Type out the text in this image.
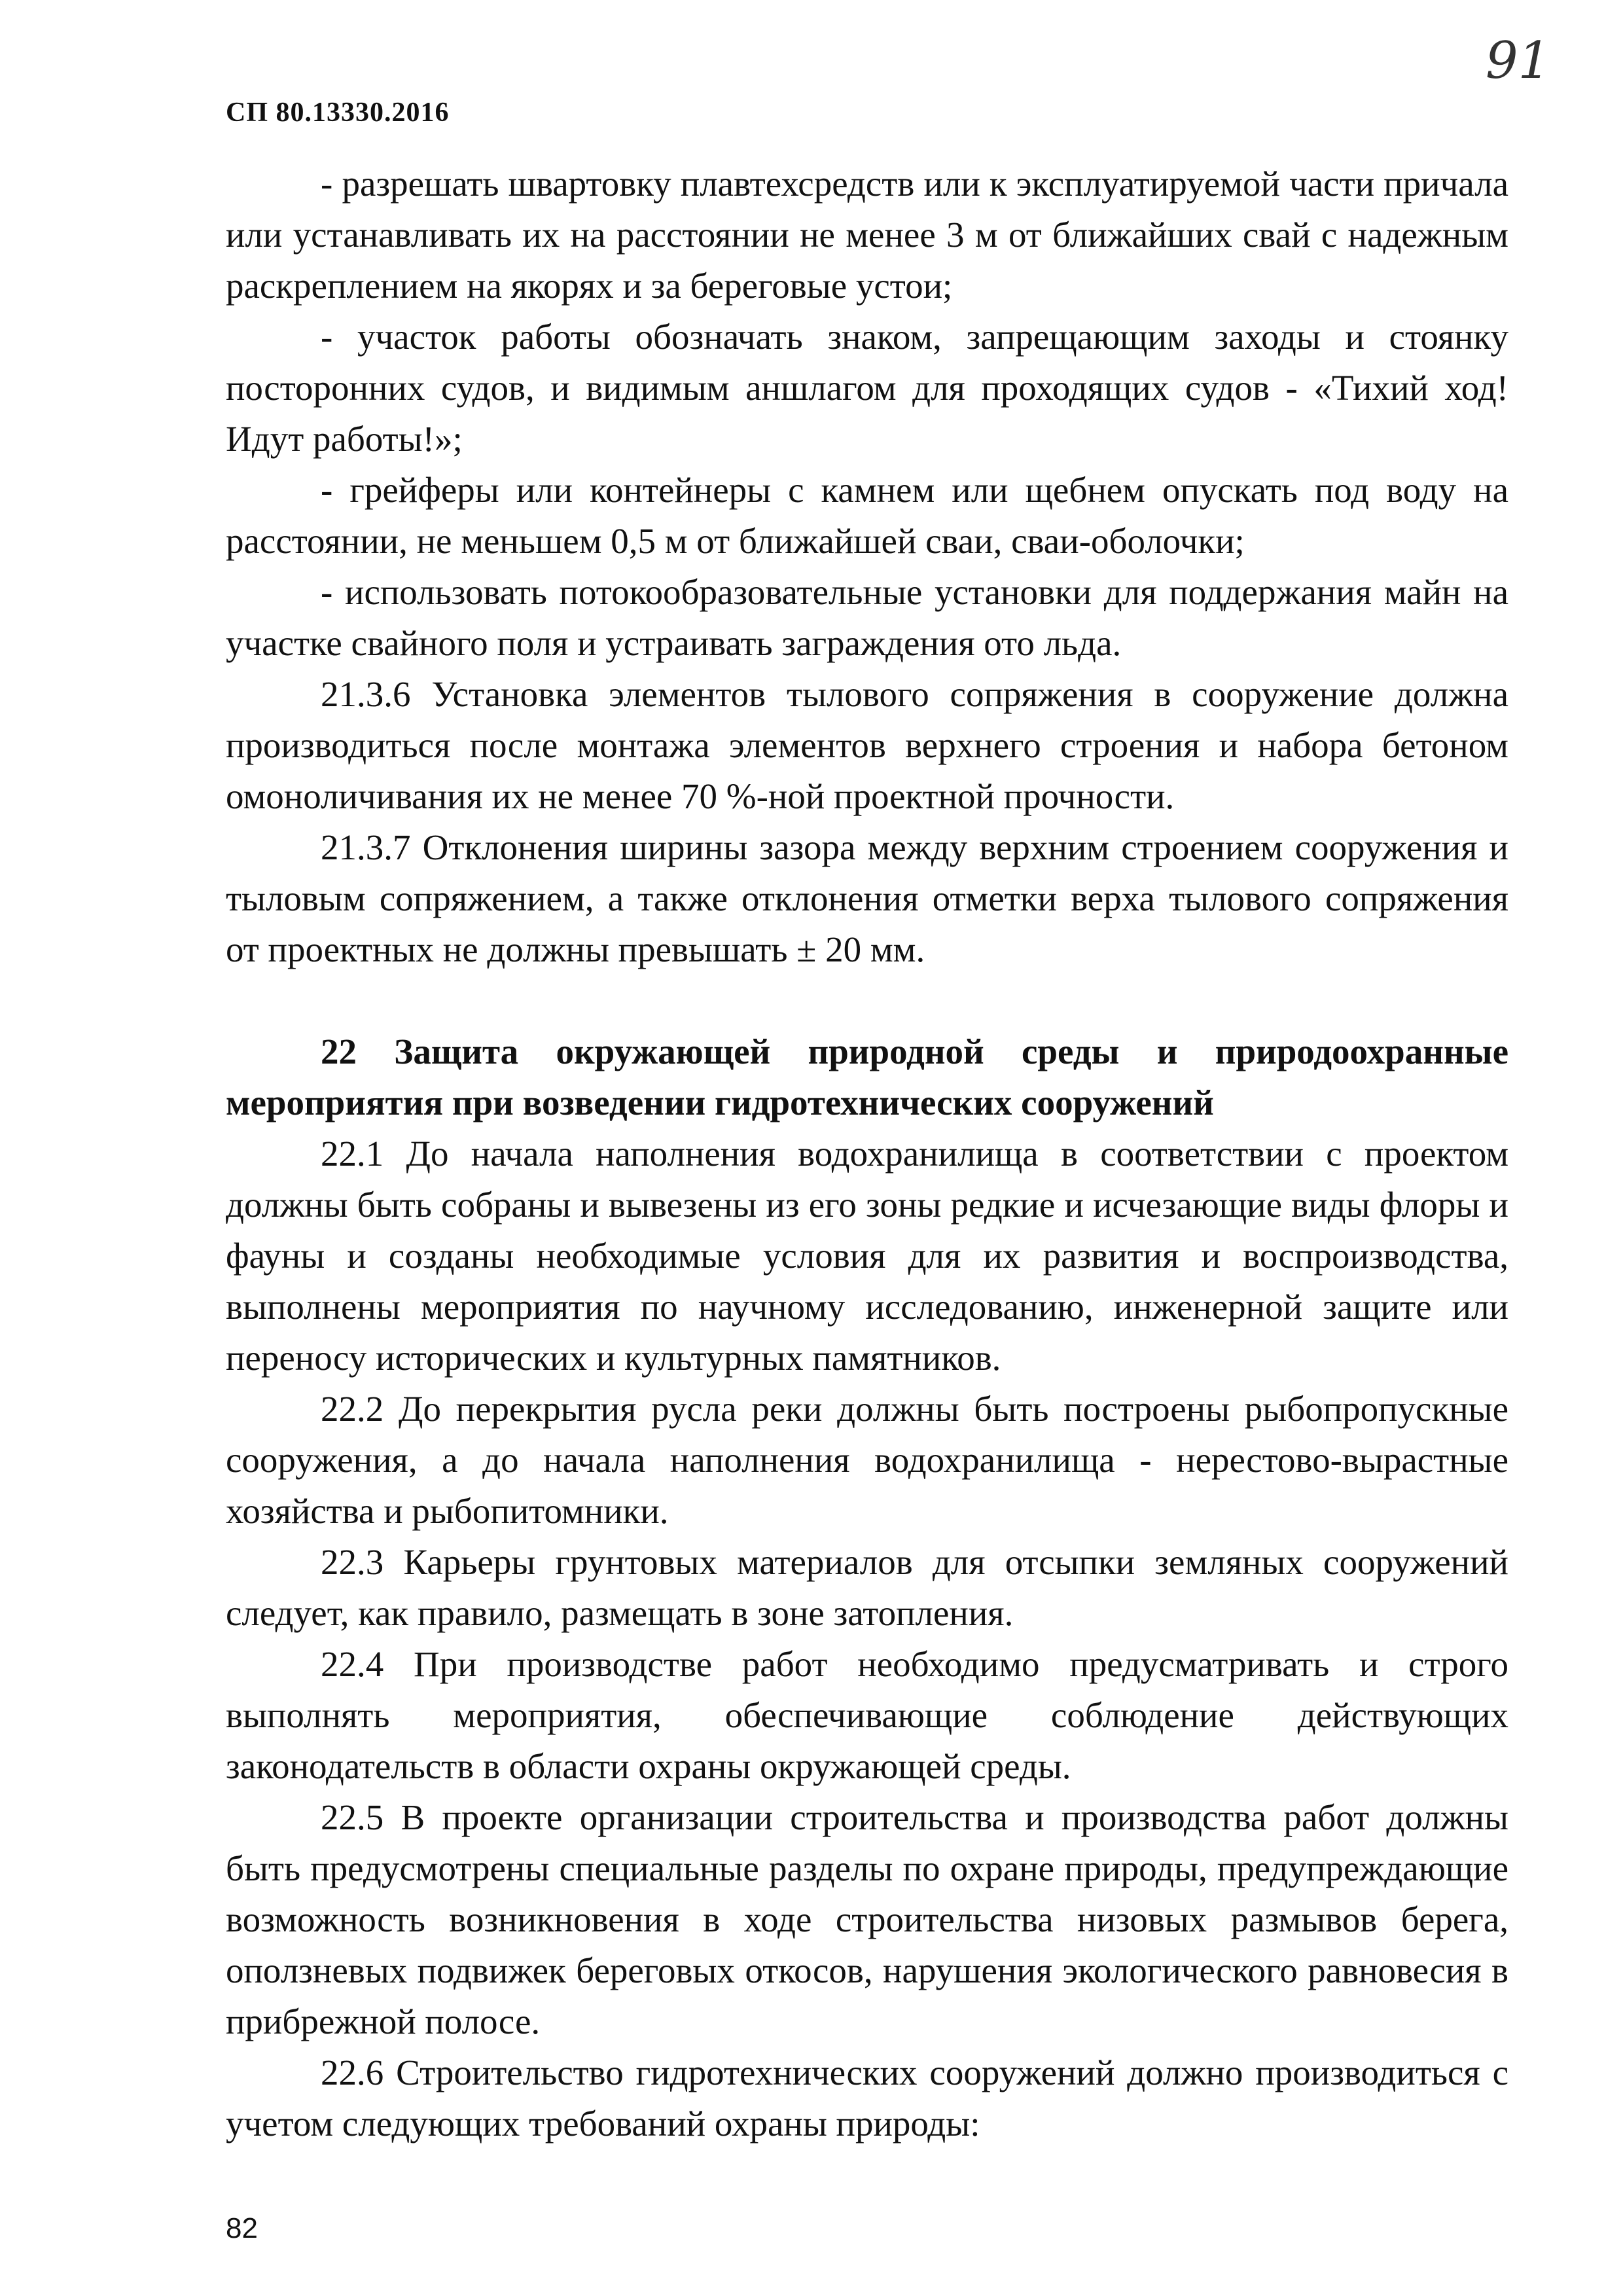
СП 80.13330.2016
91

- разрешать швартовку плавтехсредств или к эксплуатируемой части причала или устанавливать их на расстоянии не менее 3 м от ближайших свай с надежным раскреплением на якорях и за береговые устои;

- участок работы обозначать знаком, запрещающим заходы и стоянку посторонних судов, и видимым аншлагом для проходящих судов - «Тихий ход! Идут работы!»;

- грейферы или контейнеры с камнем или щебнем опускать под воду на расстоянии, не меньшем 0,5 м от ближайшей сваи, сваи-оболочки;

- использовать потокообразовательные установки для поддержания майн на участке свайного поля и устраивать заграждения ото льда.

21.3.6 Установка элементов тылового сопряжения в сооружение должна производиться после монтажа элементов верхнего строения и набора бетоном омоноличивания их не менее 70 %-ной проектной прочности.

21.3.7 Отклонения ширины зазора между верхним строением сооружения и тыловым сопряжением, а также отклонения отметки верха тылового сопряжения от проектных не должны превышать ± 20 мм.

22 Защита окружающей природной среды и природоохранные мероприятия при возведении гидротехнических сооружений

22.1 До начала наполнения водохранилища в соответствии с проектом должны быть собраны и вывезены из его зоны редкие и исчезающие виды флоры и фауны и созданы необходимые условия для их развития и воспроизводства, выполнены мероприятия по научному исследованию, инженерной защите или переносу исторических и культурных памятников.

22.2 До перекрытия русла реки должны быть построены рыбопропускные сооружения, а до начала наполнения водохранилища - нерестово-вырастные хозяйства и рыбопитомники.

22.3 Карьеры грунтовых материалов для отсыпки земляных сооружений следует, как правило, размещать в зоне затопления.

22.4 При производстве работ необходимо предусматривать и строго выполнять мероприятия, обеспечивающие соблюдение действующих законодательств в области охраны окружающей среды.

22.5 В проекте организации строительства и производства работ должны быть предусмотрены специальные разделы по охране природы, предупреждающие возможность возникновения в ходе строительства низовых размывов берега, оползневых подвижек береговых откосов, нарушения экологического равновесия в прибрежной полосе.

22.6 Строительство гидротехнических сооружений должно производиться с учетом следующих требований охраны природы:

82
